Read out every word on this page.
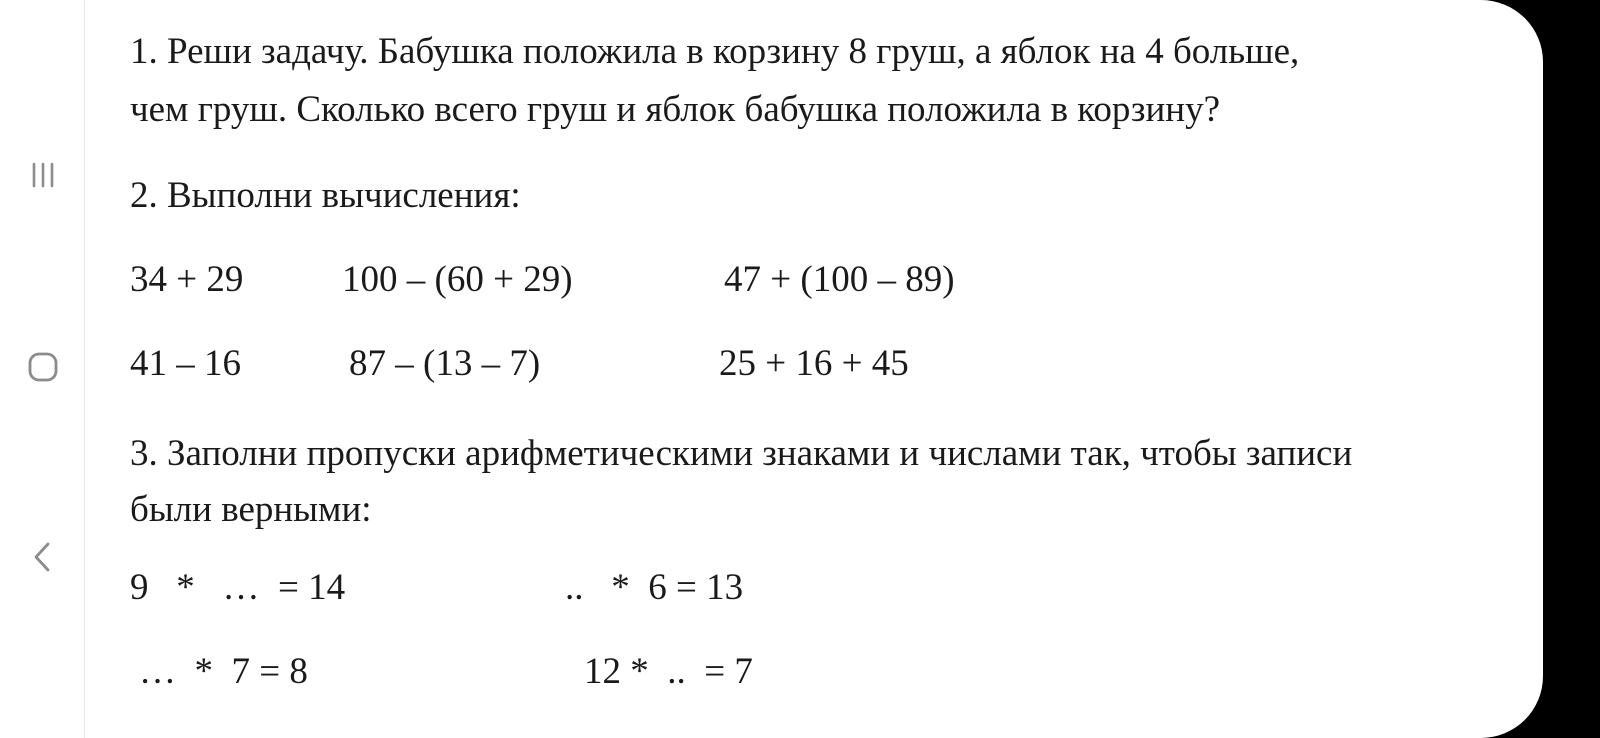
1. Реши задачу. Бабушка положила в корзину 8 груш, а яблок на 4 больше,
чем груш. Сколько всего груш и яблок бабушка положила в корзину?
2. Выполни вычисления:
34 + 29	100 – (60 + 29)	47 + (100 – 89)
41 – 16	87 – (13 – 7)	25 + 16 + 45
3. Заполни пропуски арифметическими знаками и числами так, чтобы записи
были верными:
9   *   …  = 14	..   *  6 = 13
…  *  7 = 8	12 *  ..  = 7
